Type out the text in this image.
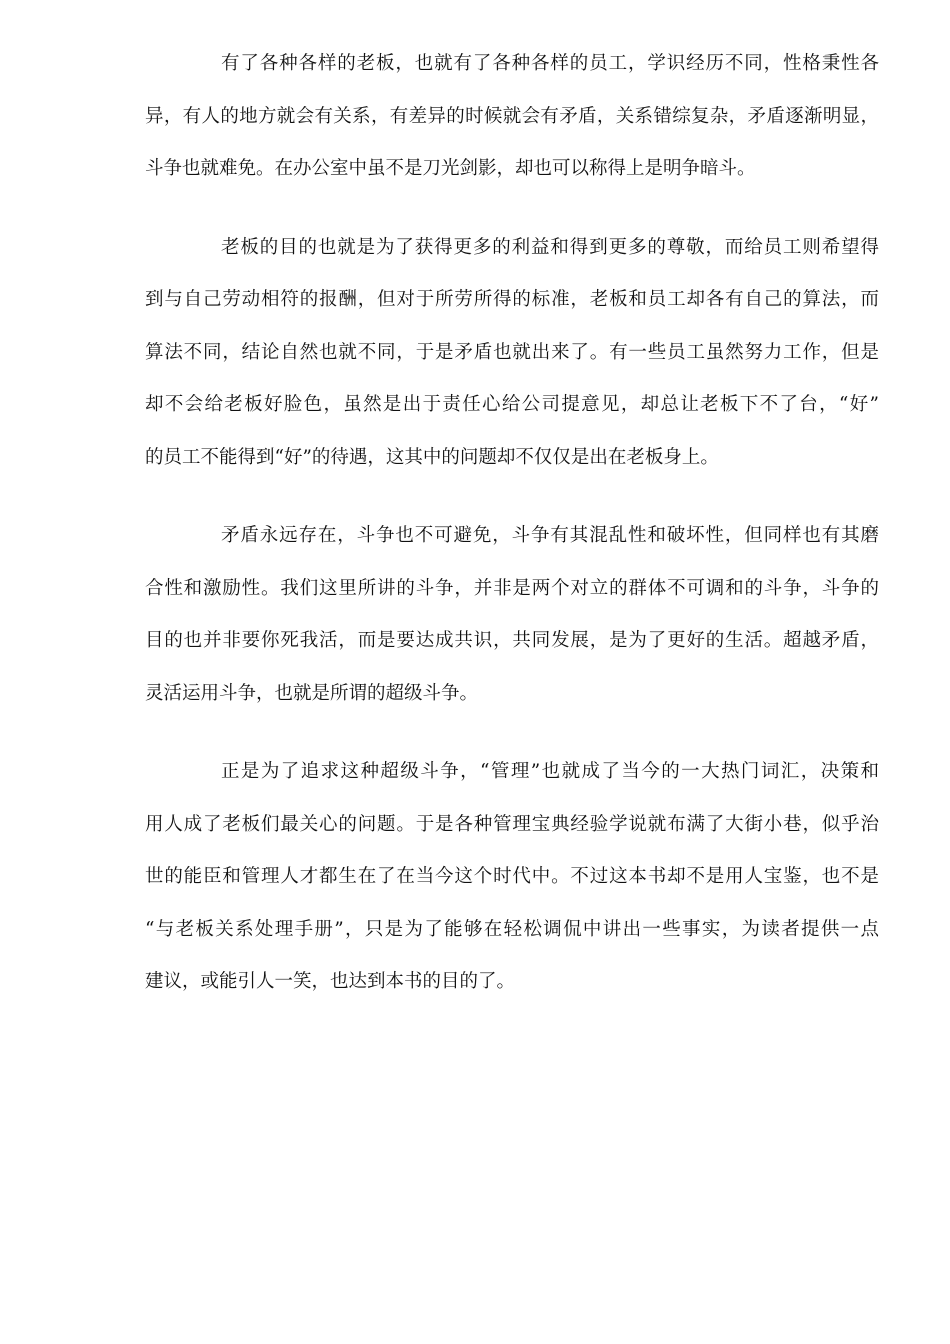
有了各种各样的老板，也就有了各种各样的员工，学识经历不同，性格秉性各
异，有人的地方就会有关系，有差异的时候就会有矛盾，关系错综复杂，矛盾逐渐明显，
斗争也就难免。在办公室中虽不是刀光剑影，却也可以称得上是明争暗斗。

老板的目的也就是为了获得更多的利益和得到更多的尊敬，而给员工则希望得
到与自己劳动相符的报酬，但对于所劳所得的标准，老板和员工却各有自己的算法，而
算法不同，结论自然也就不同，于是矛盾也就出来了。有一些员工虽然努力工作，但是
却不会给老板好脸色，虽然是出于责任心给公司提意见，却总让老板下不了台，“好”
的员工不能得到“好”的待遇，这其中的问题却不仅仅是出在老板身上。

矛盾永远存在，斗争也不可避免，斗争有其混乱性和破坏性，但同样也有其磨
合性和激励性。我们这里所讲的斗争，并非是两个对立的群体不可调和的斗争，斗争的
目的也并非要你死我活，而是要达成共识，共同发展，是为了更好的生活。超越矛盾，
灵活运用斗争，也就是所谓的超级斗争。

正是为了追求这种超级斗争，“管理”也就成了当今的一大热门词汇，决策和
用人成了老板们最关心的问题。于是各种管理宝典经验学说就布满了大街小巷，似乎治
世的能臣和管理人才都生在了在当今这个时代中。不过这本书却不是用人宝鉴，也不是
“与老板关系处理手册”，只是为了能够在轻松调侃中讲出一些事实，为读者提供一点
建议，或能引人一笑，也达到本书的目的了。
